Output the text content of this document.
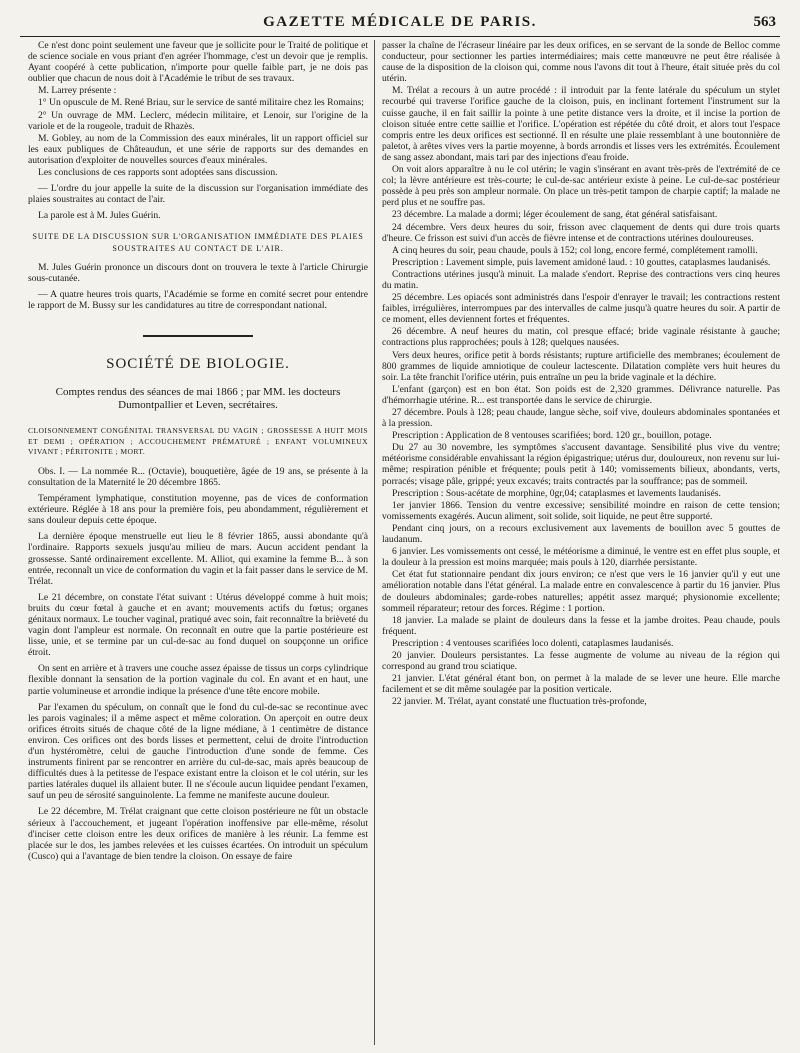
GAZETTE MÉDICALE DE PARIS.	563

Ce n'est donc point seulement une faveur que je sollicite pour le Traité de politique et de science sociale en vous priant d'en agréer l'hommage, c'est un devoir que je remplis. Ayant coopéré à cette publication, n'importe pour quelle faible part, je ne dois pas oublier que chacun de nous doit à l'Académie le tribut de ses travaux.

M. Larrey présente :

1° Un opuscule de M. René Briau, sur le service de santé militaire chez les Romains;

2° Un ouvrage de MM. Leclerc, médecin militaire, et Lenoir, sur l'origine de la variole et de la rougeole, traduit de Rhazès.

M. Gobley, au nom de la Commission des eaux minérales, lit un rapport officiel sur les eaux publiques de Châteaudun, et une série de rapports sur des demandes en autorisation d'exploiter de nouvelles sources d'eaux minérales.

Les conclusions de ces rapports sont adoptées sans discussion.

— L'ordre du jour appelle la suite de la discussion sur l'organisation immédiate des plaies soustraites au contact de l'air.

La parole est à M. Jules Guérin.

SUITE DE LA DISCUSSION SUR L'ORGANISATION IMMÉDIATE DES PLAIES SOUSTRAITES AU CONTACT DE L'AIR.

M. Jules Guérin prononce un discours dont on trouvera le texte à l'article Chirurgie sous-cutanée.

— A quatre heures trois quarts, l'Académie se forme en comité secret pour entendre le rapport de M. Bussy sur les candidatures au titre de correspondant national.

SOCIÉTÉ DE BIOLOGIE.

Comptes rendus des séances de mai 1866 ; par MM. les docteurs Dumontpallier et Leven, secrétaires.

CLOISONNEMENT CONGÉNITAL TRANSVERSAL DU VAGIN ; GROSSESSE A HUIT MOIS ET DEMI ; OPÉRATION ; ACCOUCHEMENT PRÉMATURÉ ; ENFANT VOLUMINEUX VIVANT ; PÉRITONITE ; MORT.

Obs. I. — La nommée R... (Octavie), bouquetière, âgée de 19 ans, se présente à la consultation de la Maternité le 20 décembre 1865.

Tempérament lymphatique, constitution moyenne, pas de vices de conformation extérieure. Réglée à 18 ans pour la première fois, peu abondamment, régulièrement et sans douleur depuis cette époque.

La dernière époque menstruelle eut lieu le 8 février 1865, aussi abondante qu'à l'ordinaire. Rapports sexuels jusqu'au milieu de mars. Aucun accident pendant la grossesse. Santé ordinairement excellente. M. Alliot, qui examine la femme B... à son entrée, reconnaît un vice de conformation du vagin et la fait passer dans le service de M. Trélat.

Le 21 décembre, on constate l'état suivant : Utérus développé comme à huit mois; bruits du cœur fœtal à gauche et en avant; mouvements actifs du fœtus; organes génitaux normaux. Le toucher vaginal, pratiqué avec soin, fait reconnaître la brièveté du vagin dont l'ampleur est normale. On reconnaît en outre que la partie postérieure est lisse, unie, et se termine par un cul-de-sac au fond duquel on soupçonne un orifice étroit.

On sent en arrière et à travers une couche assez épaisse de tissus un corps cylindrique flexible donnant la sensation de la portion vaginale du col. En avant et en haut, une partie volumineuse et arrondie indique la présence d'une tête encore mobile.

Par l'examen du spéculum, on connaît que le fond du cul-de-sac se recontinue avec les parois vaginales; il a même aspect et même coloration. On aperçoit en outre deux orifices étroits situés de chaque côté de la ligne médiane, à 1 centimètre de distance environ. Ces orifices ont des bords lisses et permettent, celui de droite l'introduction d'un hystéromètre, celui de gauche l'introduction d'une sonde de femme. Ces instruments finirent par se rencontrer en arrière du cul-de-sac, mais après beaucoup de difficultés dues à la petitesse de l'espace existant entre la cloison et le col utérin, sur les parties latérales duquel ils allaient buter. Il ne s'écoule aucun liquidee pendant l'examen, sauf un peu de sérosité sanguinolente. La femme ne manifeste aucune douleur.

Le 22 décembre, M. Trélat craignant que cette cloison postérieure ne fût un obstacle sérieux à l'accouchement, et jugeant l'opération inoffensive par elle-même, résolut d'inciser cette cloison entre les deux orifices de manière à les réunir. La femme est placée sur le dos, les jambes relevées et les cuisses écartées. On introduit un spéculum (Cusco) qui a l'avantage de bien tendre la cloison. On essaye de faire

passer la chaîne de l'écraseur linéaire par les deux orifices, en se servant de la sonde de Belloc comme conducteur, pour sectionner les parties intermédiaires; mais cette manœuvre ne peut être réalisée à cause de la disposition de la cloison qui, comme nous l'avons dit tout à l'heure, était située près du col utérin.

M. Trélat a recours à un autre procédé : il introduit par la fente latérale du spéculum un stylet recourbé qui traverse l'orifice gauche de la cloison, puis, en inclinant fortement l'instrument sur la cuisse gauche, il en fait saillir la pointe à une petite distance vers la droite, et il incise la portion de cloison située entre cette saillie et l'orifice. L'opération est répétée du côté droit, et alors tout l'espace compris entre les deux orifices est sectionné. Il en résulte une plaie ressemblant à une boutonnière de paletot, à arêtes vives vers la partie moyenne, à bords arrondis et lisses vers les extrémités. Écoulement de sang assez abondant, mais tari par des injections d'eau froide.

On voit alors apparaître à nu le col utérin; le vagin s'insérant en avant très-près de l'extrémité de ce col; la lèvre antérieure est très-courte; le cul-de-sac antérieur existe à peine. Le cul-de-sac postérieur possède à peu près son ampleur normale. On place un très-petit tampon de charpie captif; la malade ne perd plus et ne souffre pas.

23 décembre. La malade a dormi; léger écoulement de sang, état général satisfaisant.

24 décembre. Vers deux heures du soir, frisson avec claquement de dents qui dure trois quarts d'heure. Ce frisson est suivi d'un accès de fièvre intense et de contractions utérines douloureuses.

A cinq heures du soir, peau chaude, pouls à 152; col long, encore fermé, complétement ramolli.

Prescription : Lavement simple, puis lavement amidoné laud. : 10 gouttes, cataplasmes laudanisés.

Contractions utérines jusqu'à minuit. La malade s'endort. Reprise des contractions vers cinq heures du matin.

25 décembre. Les opiacés sont administrés dans l'espoir d'enrayer le travail; les contractions restent faibles, irrégulières, interrompues par des intervalles de calme jusqu'à quatre heures du soir. A partir de ce moment, elles deviennent fortes et fréquentes.

26 décembre. A neuf heures du matin, col presque effacé; bride vaginale résistante à gauche; contractions plus rapprochées; pouls à 128; quelques nausées.

Vers deux heures, orifice petit à bords résistants; rupture artificielle des membranes; écoulement de 800 grammes de liquide amniotique de couleur lactescente. Dilatation complète vers huit heures du soir. La tête franchit l'orifice utérin, puis entraîne un peu la bride vaginale et la déchire.

L'enfant (garçon) est en bon état. Son poids est de 2,320 grammes. Délivrance naturelle. Pas d'hémorrhagie utérine. R... est transportée dans le service de chirurgie.

27 décembre. Pouls à 128; peau chaude, langue sèche, soif vive, douleurs abdominales spontanées et à la pression.

Prescription : Application de 8 ventouses scarifiées; bord. 120 gr., bouillon, potage.

Du 27 au 30 novembre, les symptômes s'accusent davantage. Sensibilité plus vive du ventre; météorisme considérable envahissant la région épigastrique; utérus dur, douloureux, non revenu sur lui-même; respiration pénible et fréquente; pouls petit à 140; vomissements bilieux, abondants, verts, porracés; visage pâle, grippé; yeux excavés; traits contractés par la souffrance; pas de sommeil.

Prescription : Sous-acétate de morphine, 0gr,04; cataplasmes et lavements laudanisés.

1er janvier 1866. Tension du ventre excessive; sensibilité moindre en raison de cette tension; vomissements exagérés. Aucun aliment, soit solide, soit liquide, ne peut être supporté.

Pendant cinq jours, on a recours exclusivement aux lavements de bouillon avec 5 gouttes de laudanum.

6 janvier. Les vomissements ont cessé, le météorisme a diminué, le ventre est en effet plus souple, et la douleur à la pression est moins marquée; mais pouls à 120, diarrhée persistante.

Cet état fut stationnaire pendant dix jours environ; ce n'est que vers le 16 janvier qu'il y eut une amélioration notable dans l'état général. La malade entre en convalescence à partir du 16 janvier. Plus de douleurs abdominales; garde-robes naturelles; appétit assez marqué; physionomie excellente; sommeil réparateur; retour des forces. Régime : 1 portion.

18 janvier. La malade se plaint de douleurs dans la fesse et la jambe droites. Peau chaude, pouls fréquent.

Prescription : 4 ventouses scarifiées loco dolenti, cataplasmes laudanisés.

20 janvier. Douleurs persistantes. La fesse augmente de volume au niveau de la région qui correspond au grand trou sciatique.

21 janvier. L'état général étant bon, on permet à la malade de se lever une heure. Elle marche facilement et se dit même soulagée par la position verticale.

22 janvier. M. Trélat, ayant constaté une fluctuation très-profonde,
